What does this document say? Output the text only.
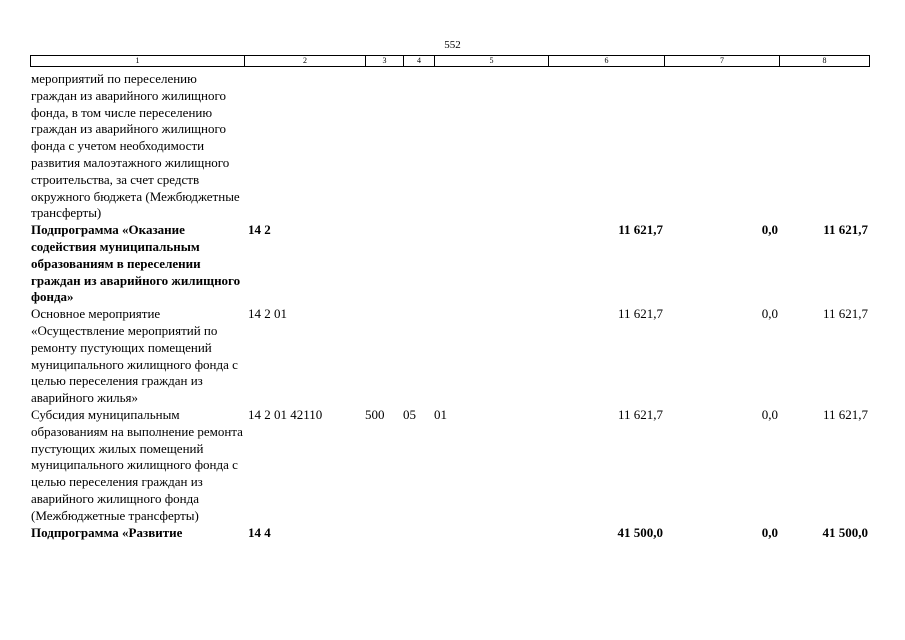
552
1	2	3	4	5	6	7	8
мероприятий по переселению граждан из аварийного жилищного фонда, в том числе переселению граждан из аварийного жилищного фонда с учетом необходимости развития малоэтажного жилищного строительства, за счет средств окружного бюджета (Межбюджетные трансферты)							
Подпрограмма «Оказание содействия муниципальным образованиям в переселении граждан из аварийного жилищного фонда»	14 2				11 621,7	0,0	11 621,7
Основное мероприятие «Осуществление мероприятий по ремонту пустующих помещений муниципального жилищного фонда с целью переселения граждан из аварийного жилья»	14 2 01				11 621,7	0,0	11 621,7
Субсидия муниципальным образованиям на выполнение ремонта пустующих жилых помещений муниципального жилищного фонда с целью переселения граждан из аварийного жилищного фонда (Межбюджетные трансферты)	14 2 01 42110	500	05	01	11 621,7	0,0	11 621,7
Подпрограмма «Развитие	14 4				41 500,0	0,0	41 500,0
